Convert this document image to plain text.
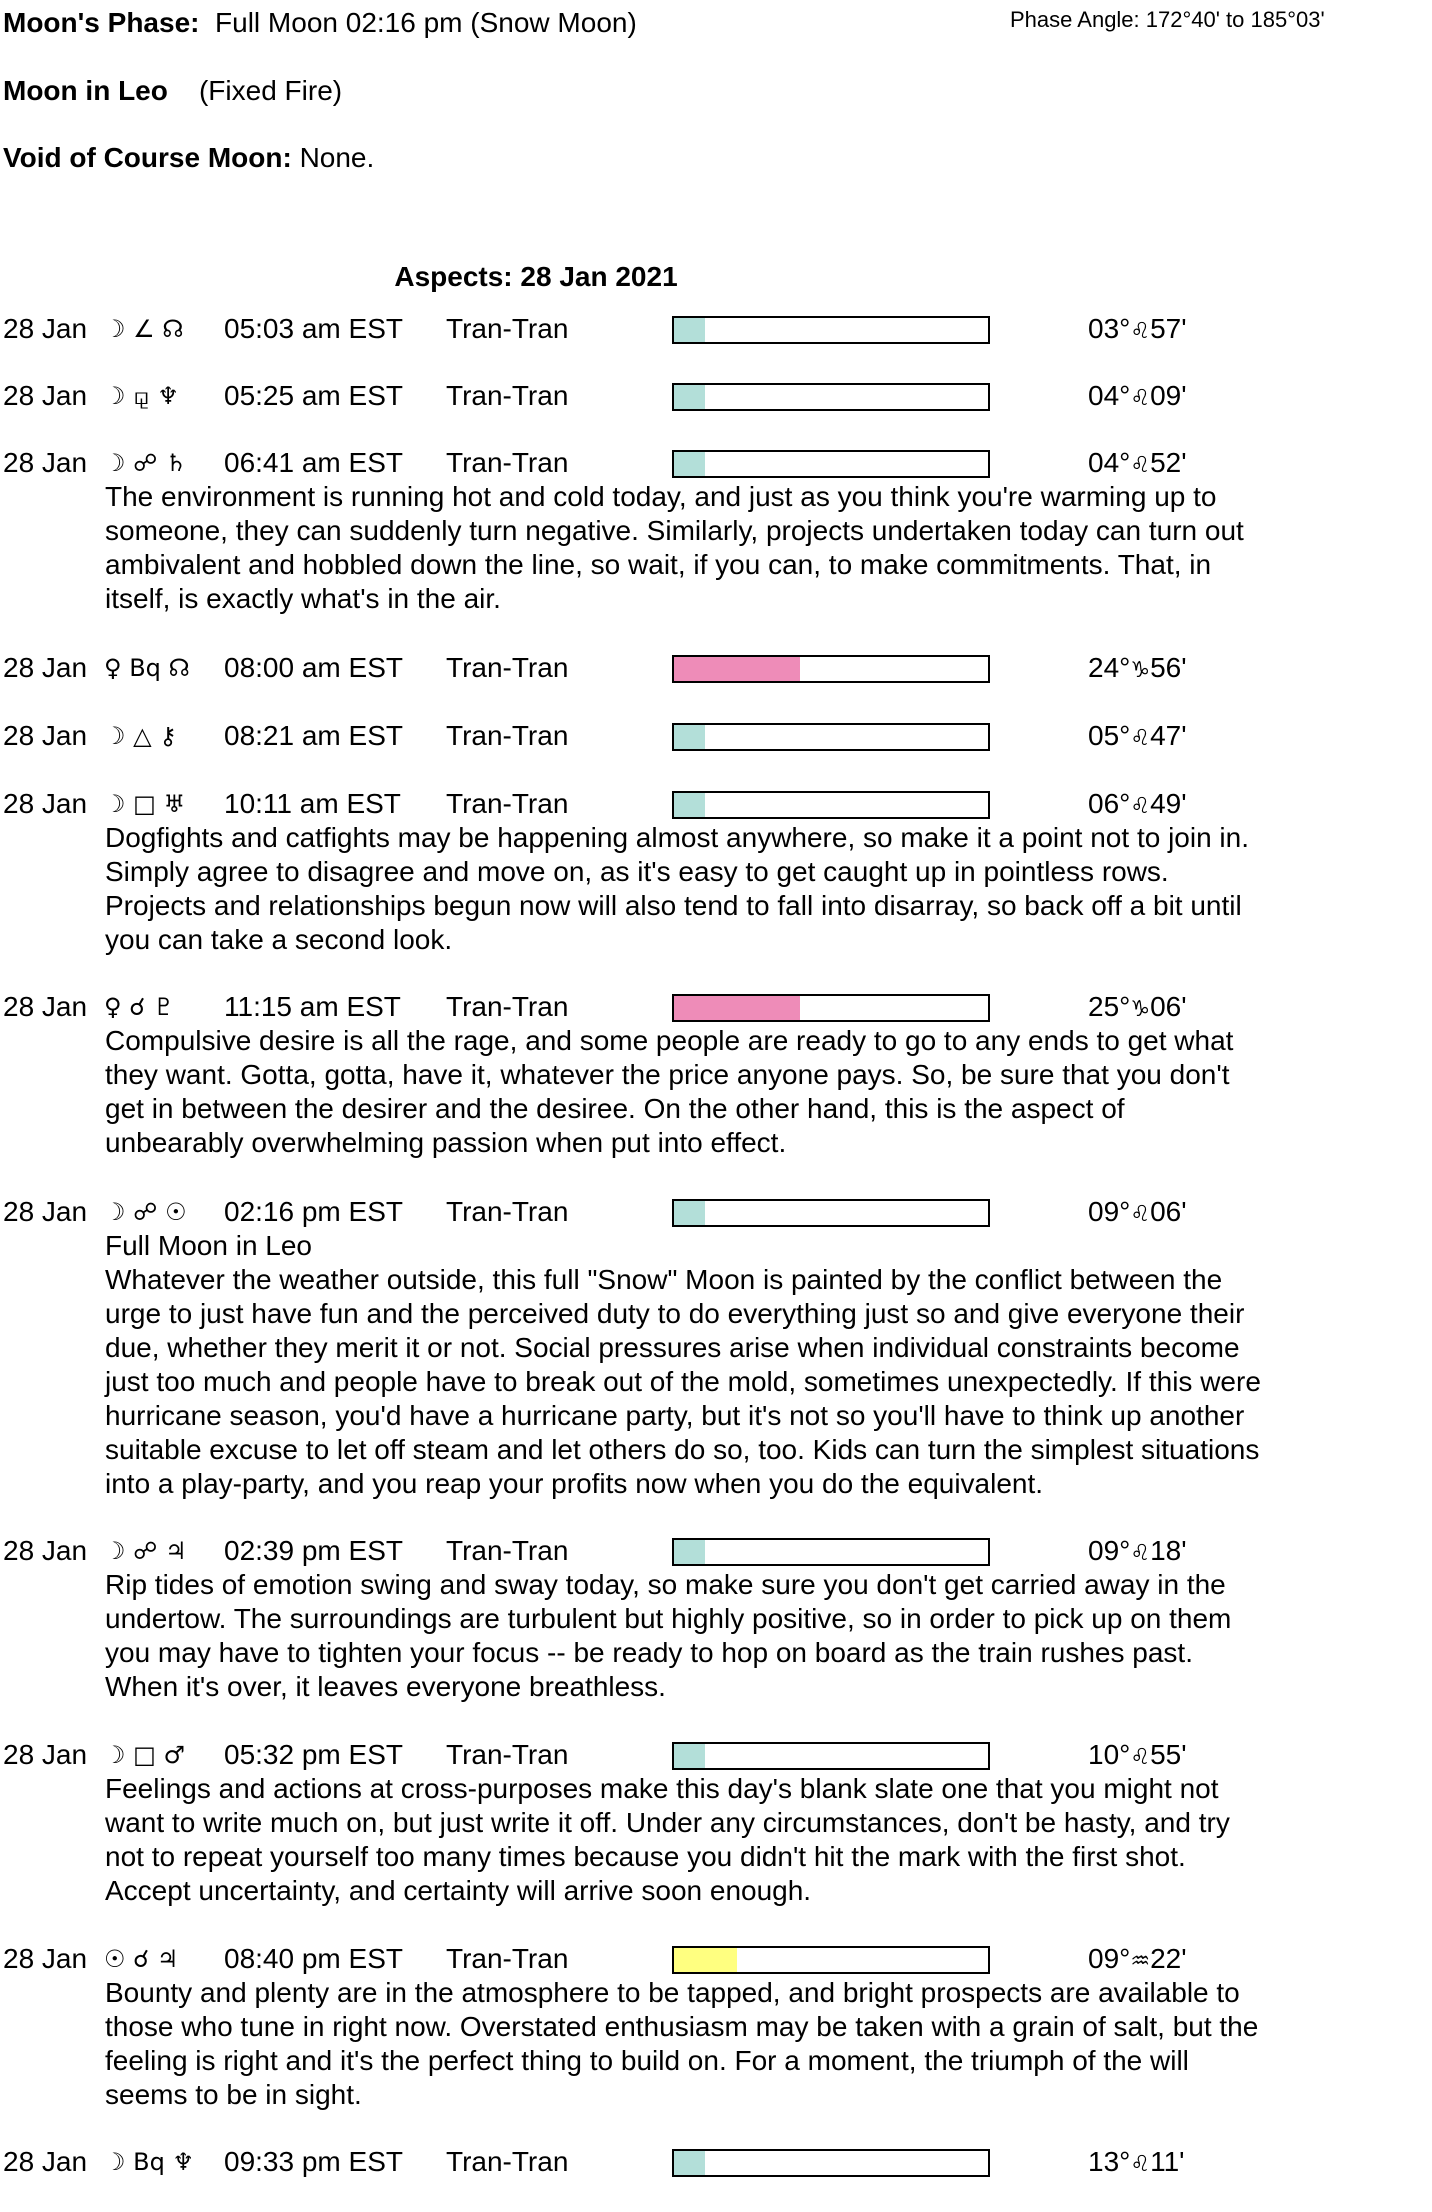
Moon's Phase: Full Moon 02:16 pm (Snow Moon)	Phase Angle: 172°40' to 185°03'
Moon in Leo (Fixed Fire)
Void of Course Moon: None.
Aspects: 28 Jan 2021
28 Jan ☽ ∠ ☊ 05:03 am EST Tran-Tran	03°♌57'
28 Jan ☽ ⚼ ♆ 05:25 am EST Tran-Tran	04°♌09'
28 Jan ☽ ☍ ♄ 06:41 am EST Tran-Tran	04°♌52'
The environment is running hot and cold today, and just as you think you're warming up to
someone, they can suddenly turn negative. Similarly, projects undertaken today can turn out
ambivalent and hobbled down the line, so wait, if you can, to make commitments. That, in
itself, is exactly what's in the air.
28 Jan ♀ Bq ☊ 08:00 am EST Tran-Tran	24°♑56'
28 Jan ☽ △ ⚷ 08:21 am EST Tran-Tran	05°♌47'
28 Jan ☽ □ ♅ 10:11 am EST Tran-Tran	06°♌49'
Dogfights and catfights may be happening almost anywhere, so make it a point not to join in.
Simply agree to disagree and move on, as it's easy to get caught up in pointless rows.
Projects and relationships begun now will also tend to fall into disarray, so back off a bit until
you can take a second look.
28 Jan ♀ ☌ ♇ 11:15 am EST Tran-Tran	25°♑06'
Compulsive desire is all the rage, and some people are ready to go to any ends to get what
they want. Gotta, gotta, have it, whatever the price anyone pays. So, be sure that you don't
get in between the desirer and the desiree. On the other hand, this is the aspect of
unbearably overwhelming passion when put into effect.
28 Jan ☽ ☍ ☉ 02:16 pm EST Tran-Tran	09°♌06'
Full Moon in Leo
Whatever the weather outside, this full "Snow" Moon is painted by the conflict between the
urge to just have fun and the perceived duty to do everything just so and give everyone their
due, whether they merit it or not. Social pressures arise when individual constraints become
just too much and people have to break out of the mold, sometimes unexpectedly. If this were
hurricane season, you'd have a hurricane party, but it's not so you'll have to think up another
suitable excuse to let off steam and let others do so, too. Kids can turn the simplest situations
into a play-party, and you reap your profits now when you do the equivalent.
28 Jan ☽ ☍ ♃ 02:39 pm EST Tran-Tran	09°♌18'
Rip tides of emotion swing and sway today, so make sure you don't get carried away in the
undertow. The surroundings are turbulent but highly positive, so in order to pick up on them
you may have to tighten your focus -- be ready to hop on board as the train rushes past.
When it's over, it leaves everyone breathless.
28 Jan ☽ □ ♂ 05:32 pm EST Tran-Tran	10°♌55'
Feelings and actions at cross-purposes make this day's blank slate one that you might not
want to write much on, but just write it off. Under any circumstances, don't be hasty, and try
not to repeat yourself too many times because you didn't hit the mark with the first shot.
Accept uncertainty, and certainty will arrive soon enough.
28 Jan ☉ ☌ ♃ 08:40 pm EST Tran-Tran	09°♒22'
Bounty and plenty are in the atmosphere to be tapped, and bright prospects are available to
those who tune in right now. Overstated enthusiasm may be taken with a grain of salt, but the
feeling is right and it's the perfect thing to build on. For a moment, the triumph of the will
seems to be in sight.
28 Jan ☽ Bq ♆ 09:33 pm EST Tran-Tran	13°♌11'
